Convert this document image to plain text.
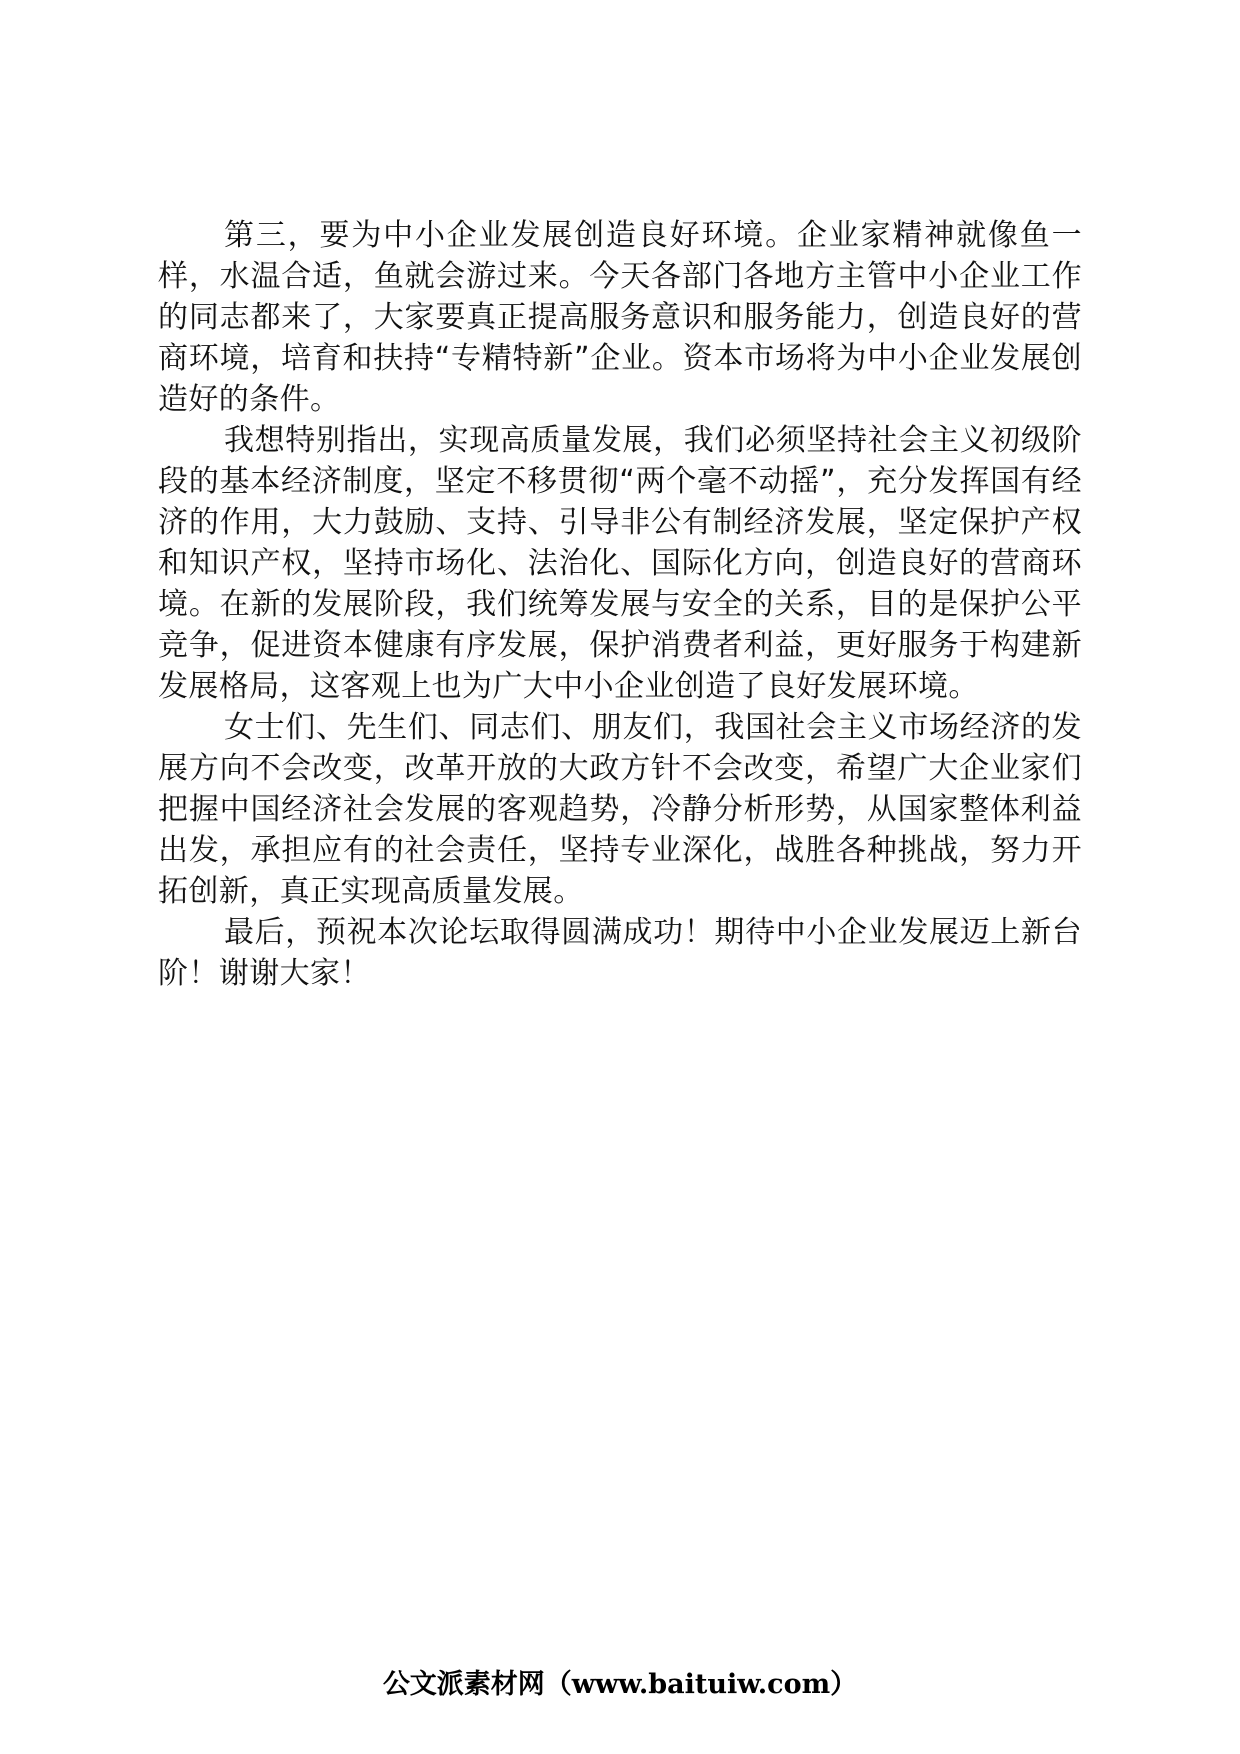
第三，要为中小企业发展创造良好环境。企业家精神就像鱼一样，水温合适，鱼就会游过来。今天各部门各地方主管中小企业工作的同志都来了，大家要真正提高服务意识和服务能力，创造良好的营商环境，培育和扶持“专精特新”企业。资本市场将为中小企业发展创造好的条件。

我想特别指出，实现高质量发展，我们必须坚持社会主义初级阶段的基本经济制度，坚定不移贯彻“两个毫不动摇”，充分发挥国有经济的作用，大力鼓励、支持、引导非公有制经济发展，坚定保护产权和知识产权，坚持市场化、法治化、国际化方向，创造良好的营商环境。在新的发展阶段，我们统筹发展与安全的关系，目的是保护公平竞争，促进资本健康有序发展，保护消费者利益，更好服务于构建新发展格局，这客观上也为广大中小企业创造了良好发展环境。

女士们、先生们、同志们、朋友们，我国社会主义市场经济的发展方向不会改变，改革开放的大政方针不会改变，希望广大企业家们把握中国经济社会发展的客观趋势，冷静分析形势，从国家整体利益出发，承担应有的社会责任，坚持专业深化，战胜各种挑战，努力开拓创新，真正实现高质量发展。

最后，预祝本次论坛取得圆满成功！期待中小企业发展迈上新台阶！谢谢大家！

公文派素材网（www.baituiw.com）
